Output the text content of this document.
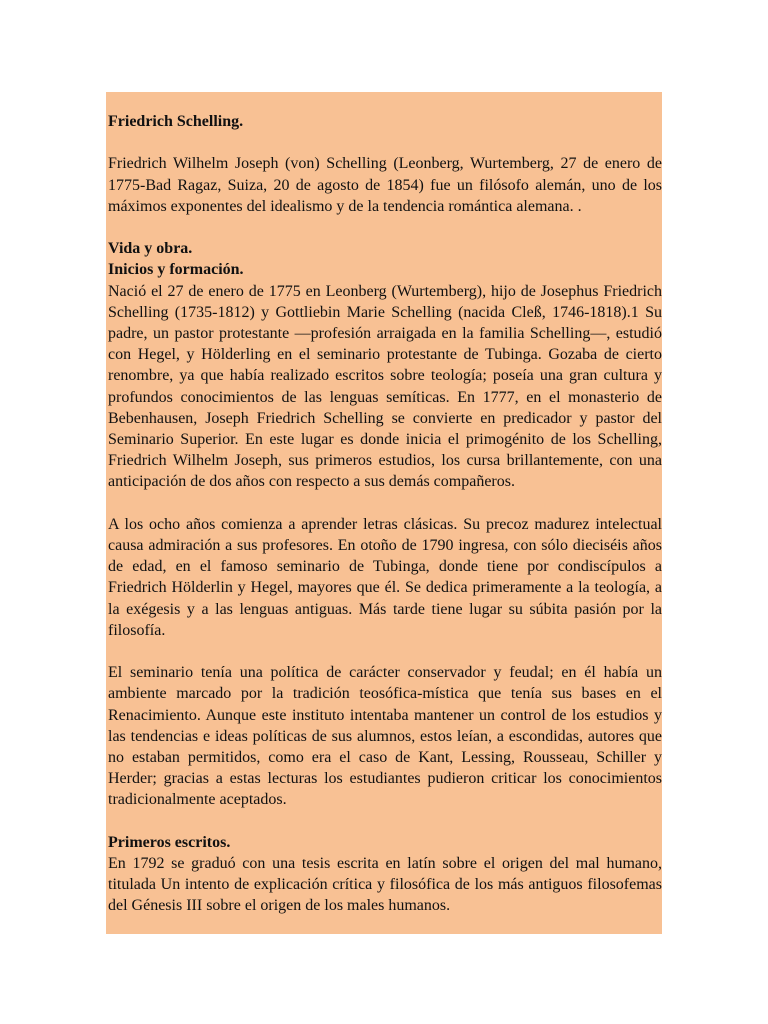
Friedrich Schelling.

Friedrich Wilhelm Joseph (von) Schelling (Leonberg, Wurtemberg, 27 de enero de 1775-Bad Ragaz, Suiza, 20 de agosto de 1854) fue un filósofo alemán, uno de los máximos exponentes del idealismo y de la tendencia romántica alemana. .

Vida y obra.
Inicios y formación.

Nació el 27 de enero de 1775 en Leonberg (Wurtemberg), hijo de Josephus Friedrich Schelling (1735-1812) y Gottliebin Marie Schelling (nacida Cleß, 1746-1818).1 Su padre, un pastor protestante —profesión arraigada en la familia Schelling—, estudió con Hegel, y Hölderling en el seminario protestante de Tubinga. Gozaba de cierto renombre, ya que había realizado escritos sobre teología; poseía una gran cultura y profundos conocimientos de las lenguas semíticas. En 1777, en el monasterio de Bebenhausen, Joseph Friedrich Schelling se convierte en predicador y pastor del Seminario Superior. En este lugar es donde inicia el primogénito de los Schelling, Friedrich Wilhelm Joseph, sus primeros estudios, los cursa brillantemente, con una anticipación de dos años con respecto a sus demás compañeros.

A los ocho años comienza a aprender letras clásicas. Su precoz madurez intelectual causa admiración a sus profesores. En otoño de 1790 ingresa, con sólo dieciséis años de edad, en el famoso seminario de Tubinga, donde tiene por condiscípulos a Friedrich Hölderlin y Hegel, mayores que él. Se dedica primeramente a la teología, a la exégesis y a las lenguas antiguas. Más tarde tiene lugar su súbita pasión por la filosofía.

El seminario tenía una política de carácter conservador y feudal; en él había un ambiente marcado por la tradición teosófica-mística que tenía sus bases en el Renacimiento. Aunque este instituto intentaba mantener un control de los estudios y las tendencias e ideas políticas de sus alumnos, estos leían, a escondidas, autores que no estaban permitidos, como era el caso de Kant, Lessing, Rousseau, Schiller y Herder; gracias a estas lecturas los estudiantes pudieron criticar los conocimientos tradicionalmente aceptados.

Primeros escritos.

En 1792 se graduó con una tesis escrita en latín sobre el origen del mal humano, titulada Un intento de explicación crítica y filosófica de los más antiguos filosofemas del Génesis III sobre el origen de los males humanos.
